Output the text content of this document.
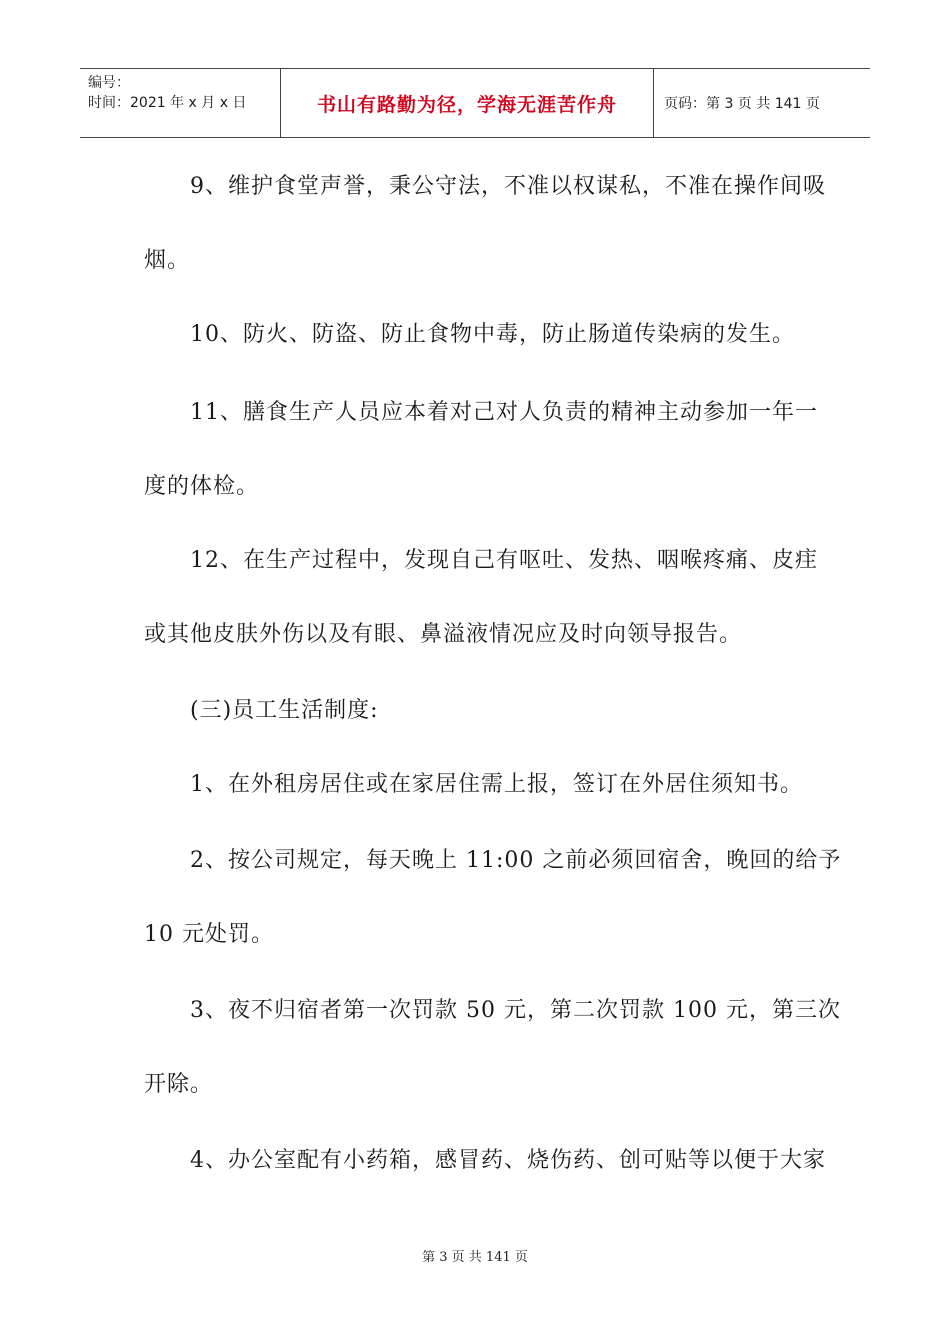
编号：
时间：2021 年 x 月 x 日	书山有路勤为径，学海无涯苦作舟	页码：第 3 页 共 141 页
9、维护食堂声誉，秉公守法，不准以权谋私，不准在操作间吸
烟。
10、防火、防盗、防止食物中毒，防止肠道传染病的发生。
11、膳食生产人员应本着对己对人负责的精神主动参加一年一
度的体检。
12、在生产过程中，发现自己有呕吐、发热、咽喉疼痛、皮疰
或其他皮肤外伤以及有眼、鼻溢液情况应及时向领导报告。
(三)员工生活制度:
1、在外租房居住或在家居住需上报，签订在外居住须知书。
2、按公司规定，每天晚上 11:00 之前必须回宿舍，晚回的给予
10 元处罚。
3、夜不归宿者第一次罚款 50 元，第二次罚款 100 元，第三次
开除。
4、办公室配有小药箱，感冒药、烧伤药、创可贴等以便于大家
第 3 页 共 141 页
